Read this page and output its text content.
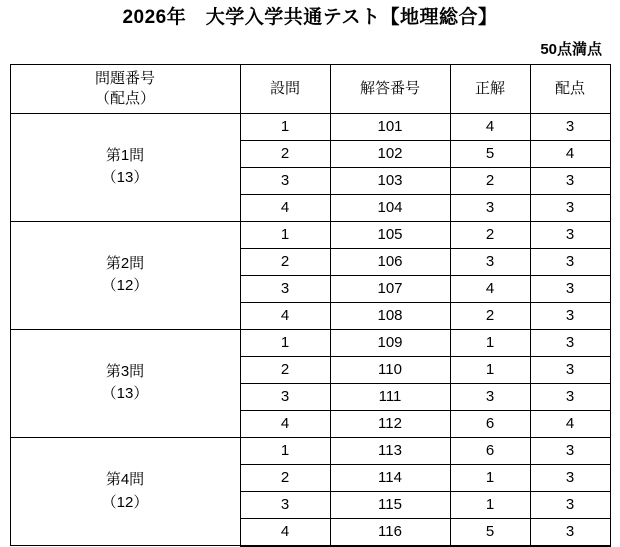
2026年　大学入学共通テスト【地理総合】
50点満点
問題番号
（配点）	設問	解答番号	正解	配点

第1問
（13）	1	101	4	3
	2	102	5	4
	3	103	2	3
	4	104	3	3

第2問
（12）	1	105	2	3
	2	106	3	3
	3	107	4	3
	4	108	2	3

第3問
（13）	1	109	1	3
	2	110	1	3
	3	111	3	3
	4	112	6	4

第4問
（12）	1	113	6	3
	2	114	1	3
	3	115	1	3
	4	116	5	3
